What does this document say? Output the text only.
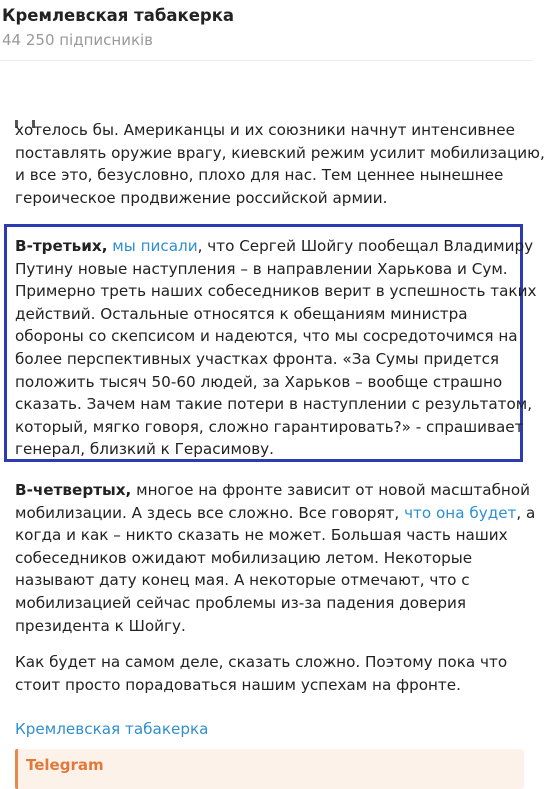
Кремлевская табакерка
44 250 підписників
хотелось бы. Американцы и их союзники начнут интенсивнее
поставлять оружие врагу, киевский режим усилит мобилизацию,
и все это, безусловно, плохо для нас. Тем ценнее нынешнее
героическое продвижение российской армии.
В-третьих, мы писали, что Сергей Шойгу пообещал Владимиру
Путину новые наступления – в направлении Харькова и Сум.
Примерно треть наших собеседников верит в успешность таких
действий. Остальные относятся к обещаниям министра
обороны со скепсисом и надеются, что мы сосредоточимся на
более перспективных участках фронта. «За Сумы придется
положить тысяч 50-60 людей, за Харьков – вообще страшно
сказать. Зачем нам такие потери в наступлении с результатом,
который, мягко говоря, сложно гарантировать?» - спрашивает
генерал, близкий к Герасимову.
В-четвертых, многое на фронте зависит от новой масштабной
мобилизации. А здесь все сложно. Все говорят, что она будет, а
когда и как – никто сказать не может. Большая часть наших
собеседников ожидают мобилизацию летом. Некоторые
называют дату конец мая. А некоторые отмечают, что с
мобилизацией сейчас проблемы из-за падения доверия
президента к Шойгу.
Как будет на самом деле, сказать сложно. Поэтому пока что
стоит просто порадоваться нашим успехам на фронте.
Кремлевская табакерка
Telegram
